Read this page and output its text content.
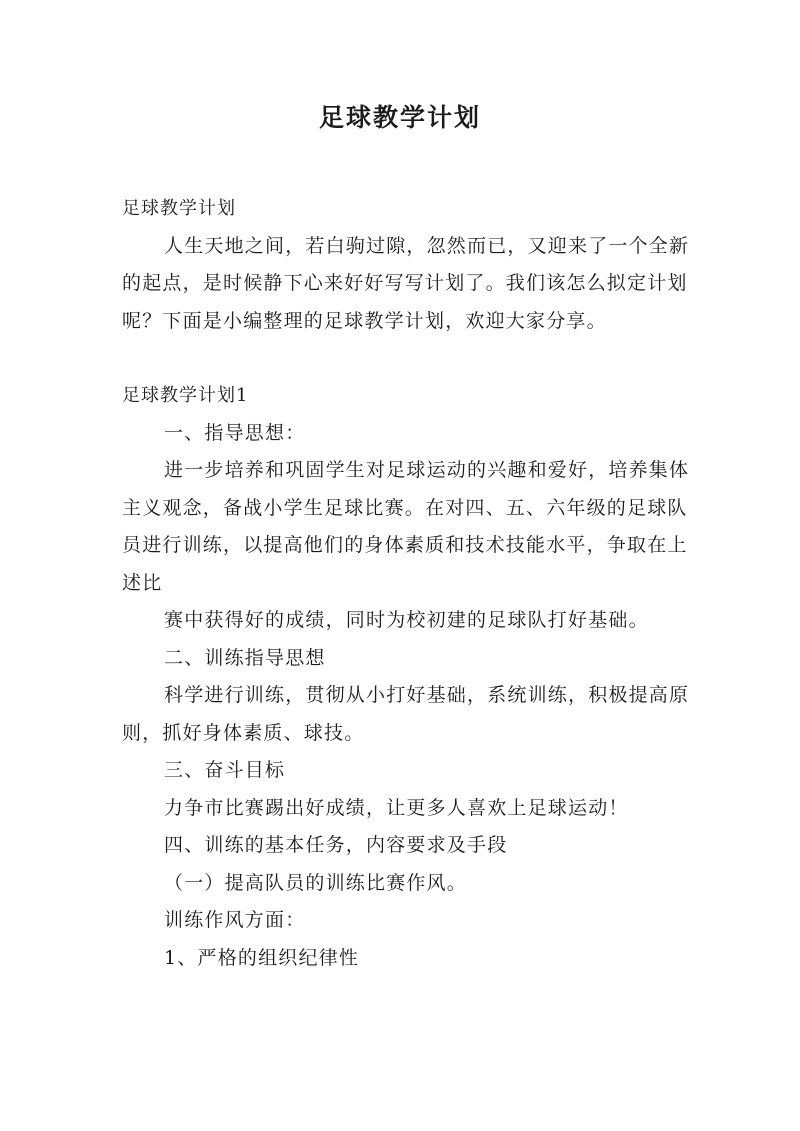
足球教学计划

足球教学计划

人生天地之间，若白驹过隙，忽然而已，又迎来了一个全新的起点，是时候静下心来好好写写计划了。我们该怎么拟定计划呢？下面是小编整理的足球教学计划，欢迎大家分享。

足球教学计划1

一、指导思想：

进一步培养和巩固学生对足球运动的兴趣和爱好，培养集体主义观念，备战小学生足球比赛。在对四、五、六年级的足球队员进行训练，以提高他们的身体素质和技术技能水平，争取在上述比

赛中获得好的成绩，同时为校初建的足球队打好基础。

二、训练指导思想

科学进行训练，贯彻从小打好基础，系统训练，积极提高原则，抓好身体素质、球技。

三、奋斗目标

力争市比赛踢出好成绩，让更多人喜欢上足球运动！

四、训练的基本任务，内容要求及手段

（一）提高队员的训练比赛作风。

训练作风方面：

1、严格的组织纪律性
